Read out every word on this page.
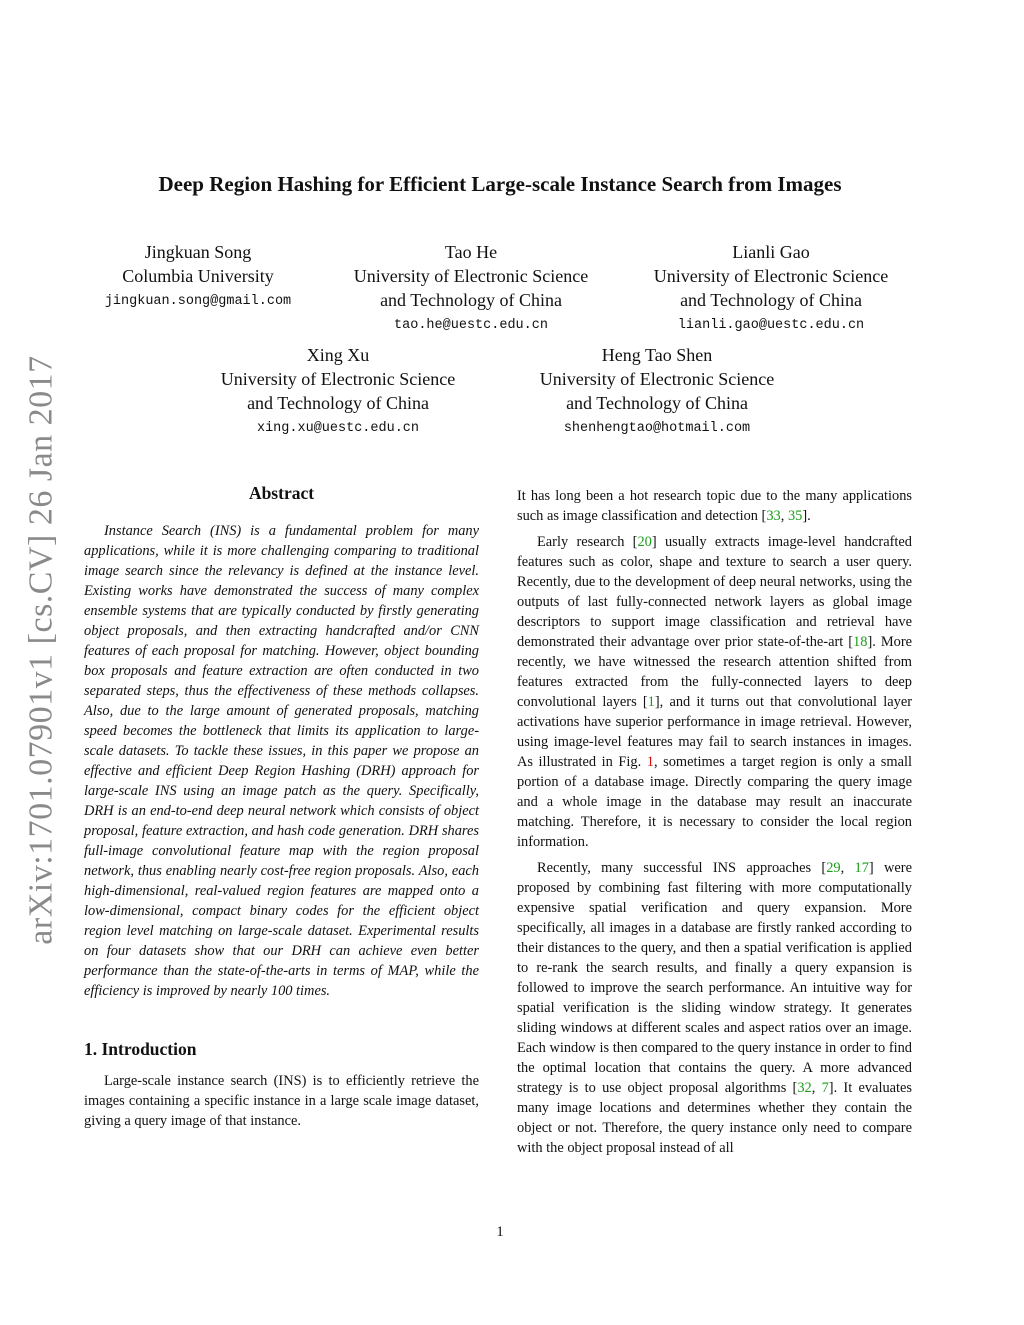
arXiv:1701.07901v1 [cs.CV] 26 Jan 2017
Deep Region Hashing for Efficient Large-scale Instance Search from Images
Jingkuan Song
Columbia University
jingkuan.song@gmail.com
Tao He
University of Electronic Science
and Technology of China
tao.he@uestc.edu.cn
Lianli Gao
University of Electronic Science
and Technology of China
lianli.gao@uestc.edu.cn
Xing Xu
University of Electronic Science
and Technology of China
xing.xu@uestc.edu.cn
Heng Tao Shen
University of Electronic Science
and Technology of China
shenhengtao@hotmail.com
Abstract

Instance Search (INS) is a fundamental problem for many applications, while it is more challenging comparing to traditional image search since the relevancy is defined at the instance level. Existing works have demonstrated the success of many complex ensemble systems that are typically conducted by firstly generating object proposals, and then extracting handcrafted and/or CNN features of each proposal for matching. However, object bounding box proposals and feature extraction are often conducted in two separated steps, thus the effectiveness of these methods collapses. Also, due to the large amount of generated proposals, matching speed becomes the bottleneck that limits its application to large-scale datasets. To tackle these issues, in this paper we propose an effective and efficient Deep Region Hashing (DRH) approach for large-scale INS using an image patch as the query. Specifically, DRH is an end-to-end deep neural network which consists of object proposal, feature extraction, and hash code generation. DRH shares full-image convolutional feature map with the region proposal network, thus enabling nearly cost-free region proposals. Also, each high-dimensional, real-valued region features are mapped onto a low-dimensional, compact binary codes for the efficient object region level matching on large-scale dataset. Experimental results on four datasets show that our DRH can achieve even better performance than the state-of-the-arts in terms of MAP, while the efficiency is improved by nearly 100 times.

1. Introduction

Large-scale instance search (INS) is to efficiently retrieve the images containing a specific instance in a large scale image dataset, giving a query image of that instance.

It has long been a hot research topic due to the many applications such as image classification and detection [33, 35].

Early research [20] usually extracts image-level handcrafted features such as color, shape and texture to search a user query. Recently, due to the development of deep neural networks, using the outputs of last fully-connected network layers as global image descriptors to support image classification and retrieval have demonstrated their advantage over prior state-of-the-art [18]. More recently, we have witnessed the research attention shifted from features extracted from the fully-connected layers to deep convolutional layers [1], and it turns out that convolutional layer activations have superior performance in image retrieval. However, using image-level features may fail to search instances in images. As illustrated in Fig. 1, sometimes a target region is only a small portion of a database image. Directly comparing the query image and a whole image in the database may result an inaccurate matching. Therefore, it is necessary to consider the local region information.

Recently, many successful INS approaches [29, 17] were proposed by combining fast filtering with more computationally expensive spatial verification and query expansion. More specifically, all images in a database are firstly ranked according to their distances to the query, and then a spatial verification is applied to re-rank the search results, and finally a query expansion is followed to improve the search performance. An intuitive way for spatial verification is the sliding window strategy. It generates sliding windows at different scales and aspect ratios over an image. Each window is then compared to the query instance in order to find the optimal location that contains the query. A more advanced strategy is to use object proposal algorithms [32, 7]. It evaluates many image locations and determines whether they contain the object or not. Therefore, the query instance only need to compare with the object proposal instead of all

1
